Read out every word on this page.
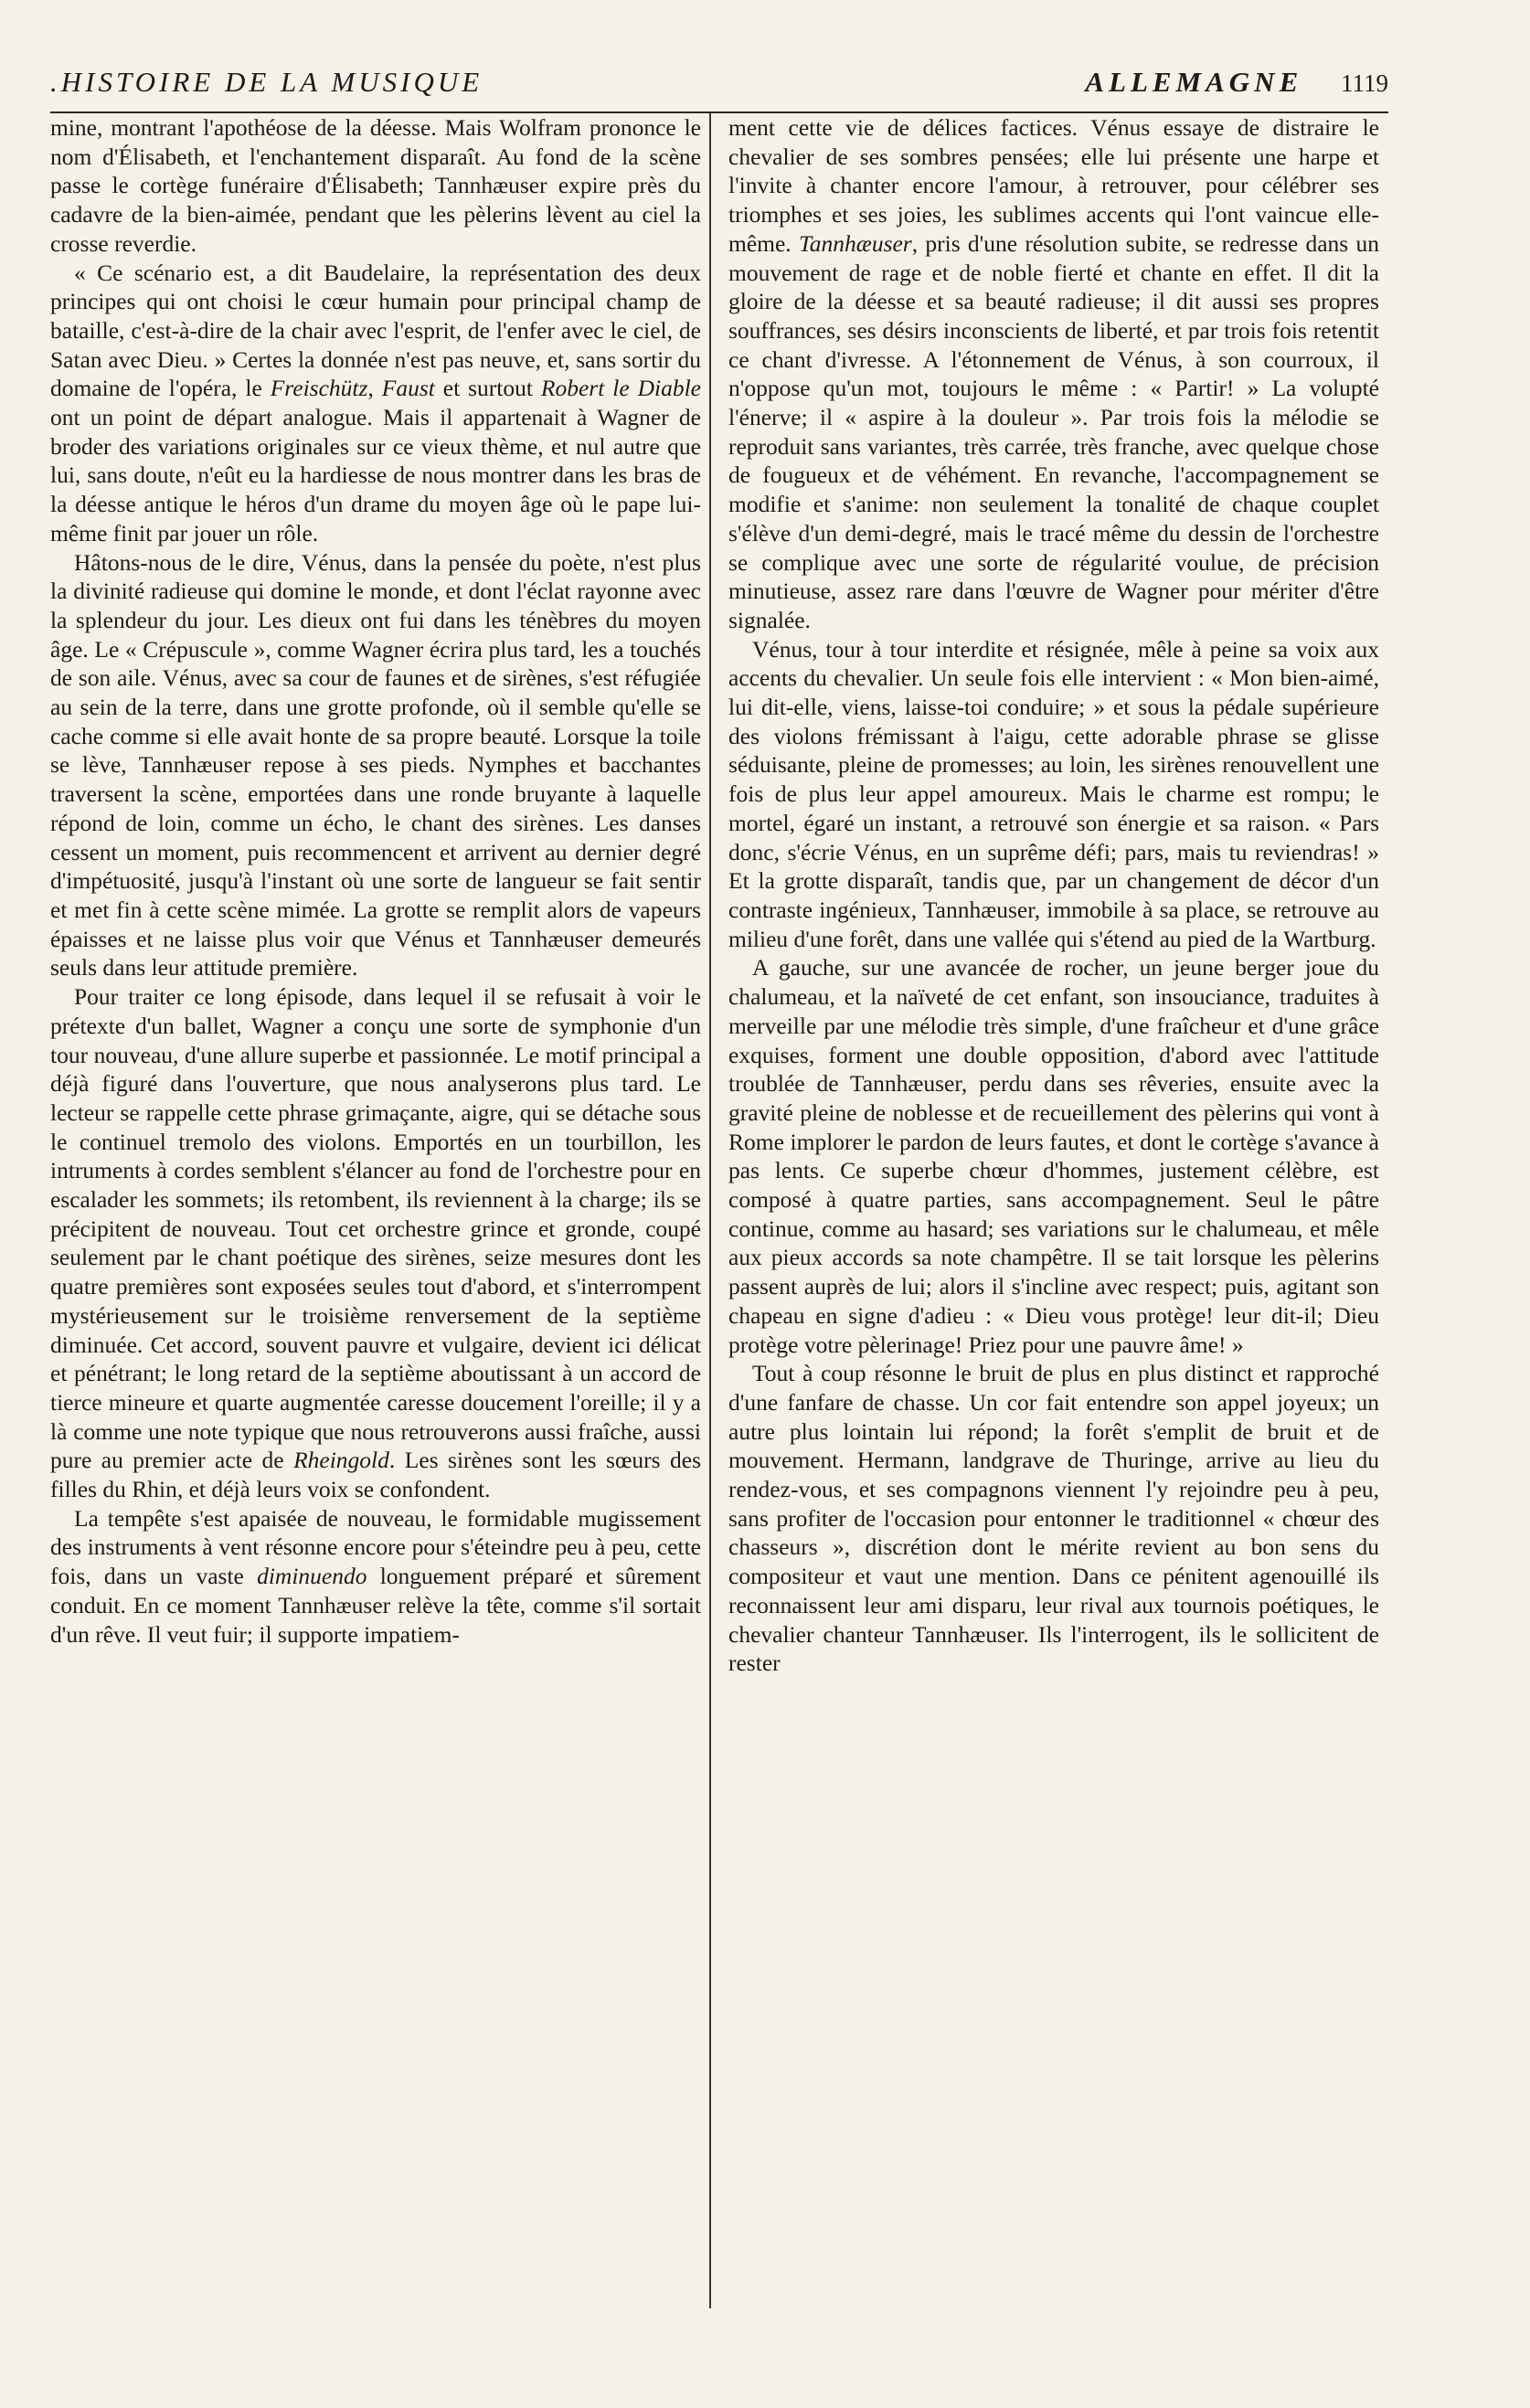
.HISTOIRE DE LA MUSIQUE	ALLEMAGNE 1119

mine, montrant l'apothéose de la déesse. Mais Wolfram prononce le nom d'Élisabeth, et l'enchantement disparaît. Au fond de la scène passe le cortège funéraire d'Élisabeth; Tannhæuser expire près du cadavre de la bien-aimée, pendant que les pèlerins lèvent au ciel la crosse reverdie.

« Ce scénario est, a dit Baudelaire, la représentation des deux principes qui ont choisi le cœur humain pour principal champ de bataille, c'est-à-dire de la chair avec l'esprit, de l'enfer avec le ciel, de Satan avec Dieu. » Certes la donnée n'est pas neuve, et, sans sortir du domaine de l'opéra, le Freischütz, Faust et surtout Robert le Diable ont un point de départ analogue. Mais il appartenait à Wagner de broder des variations originales sur ce vieux thème, et nul autre que lui, sans doute, n'eût eu la hardiesse de nous montrer dans les bras de la déesse antique le héros d'un drame du moyen âge où le pape lui-même finit par jouer un rôle.

Hâtons-nous de le dire, Vénus, dans la pensée du poète, n'est plus la divinité radieuse qui domine le monde, et dont l'éclat rayonne avec la splendeur du jour. Les dieux ont fui dans les ténèbres du moyen âge. Le « Crépuscule », comme Wagner écrira plus tard, les a touchés de son aile. Vénus, avec sa cour de faunes et de sirènes, s'est réfugiée au sein de la terre, dans une grotte profonde, où il semble qu'elle se cache comme si elle avait honte de sa propre beauté. Lorsque la toile se lève, Tannhæuser repose à ses pieds. Nymphes et bacchantes traversent la scène, emportées dans une ronde bruyante à laquelle répond de loin, comme un écho, le chant des sirènes. Les danses cessent un moment, puis recommencent et arrivent au dernier degré d'impétuosité, jusqu'à l'instant où une sorte de langueur se fait sentir et met fin à cette scène mimée. La grotte se remplit alors de vapeurs épaisses et ne laisse plus voir que Vénus et Tannhæuser demeurés seuls dans leur attitude première.

Pour traiter ce long épisode, dans lequel il se refusait à voir le prétexte d'un ballet, Wagner a conçu une sorte de symphonie d'un tour nouveau, d'une allure superbe et passionnée. Le motif principal a déjà figuré dans l'ouverture, que nous analyserons plus tard. Le lecteur se rappelle cette phrase grimaçante, aigre, qui se détache sous le continuel tremolo des violons. Emportés en un tourbillon, les intruments à cordes semblent s'élancer au fond de l'orchestre pour en escalader les sommets; ils retombent, ils reviennent à la charge; ils se précipitent de nouveau. Tout cet orchestre grince et gronde, coupé seulement par le chant poétique des sirènes, seize mesures dont les quatre premières sont exposées seules tout d'abord, et s'interrompent mystérieusement sur le troisième renversement de la septième diminuée. Cet accord, souvent pauvre et vulgaire, devient ici délicat et pénétrant; le long retard de la septième aboutissant à un accord de tierce mineure et quarte augmentée caresse doucement l'oreille; il y a là comme une note typique que nous retrouverons aussi fraîche, aussi pure au premier acte de Rheingold. Les sirènes sont les sœurs des filles du Rhin, et déjà leurs voix se confondent.

La tempête s'est apaisée de nouveau, le formidable mugissement des instruments à vent résonne encore pour s'éteindre peu à peu, cette fois, dans un vaste diminuendo longuement préparé et sûrement conduit. En ce moment Tannhæuser relève la tête, comme s'il sortait d'un rêve. Il veut fuir; il supporte impatiem-

ment cette vie de délices factices. Vénus essaye de distraire le chevalier de ses sombres pensées; elle lui présente une harpe et l'invite à chanter encore l'amour, à retrouver, pour célébrer ses triomphes et ses joies, les sublimes accents qui l'ont vaincue elle-même. Tannhæuser, pris d'une résolution subite, se redresse dans un mouvement de rage et de noble fierté et chante en effet. Il dit la gloire de la déesse et sa beauté radieuse; il dit aussi ses propres souffrances, ses désirs inconscients de liberté, et par trois fois retentit ce chant d'ivresse. A l'étonnement de Vénus, à son courroux, il n'oppose qu'un mot, toujours le même : « Partir! » La volupté l'énerve; il « aspire à la douleur ». Par trois fois la mélodie se reproduit sans variantes, très carrée, très franche, avec quelque chose de fougueux et de véhément. En revanche, l'accompagnement se modifie et s'anime: non seulement la tonalité de chaque couplet s'élève d'un demi-degré, mais le tracé même du dessin de l'orchestre se complique avec une sorte de régularité voulue, de précision minutieuse, assez rare dans l'œuvre de Wagner pour mériter d'être signalée.

Vénus, tour à tour interdite et résignée, mêle à peine sa voix aux accents du chevalier. Un seule fois elle intervient : « Mon bien-aimé, lui dit-elle, viens, laisse-toi conduire; » et sous la pédale supérieure des violons frémissant à l'aigu, cette adorable phrase se glisse séduisante, pleine de promesses; au loin, les sirènes renouvellent une fois de plus leur appel amoureux. Mais le charme est rompu; le mortel, égaré un instant, a retrouvé son énergie et sa raison. « Pars donc, s'écrie Vénus, en un suprême défi; pars, mais tu reviendras! » Et la grotte disparaît, tandis que, par un changement de décor d'un contraste ingénieux, Tannhæuser, immobile à sa place, se retrouve au milieu d'une forêt, dans une vallée qui s'étend au pied de la Wartburg.

A gauche, sur une avancée de rocher, un jeune berger joue du chalumeau, et la naïveté de cet enfant, son insouciance, traduites à merveille par une mélodie très simple, d'une fraîcheur et d'une grâce exquises, forment une double opposition, d'abord avec l'attitude troublée de Tannhæuser, perdu dans ses rêveries, ensuite avec la gravité pleine de noblesse et de recueillement des pèlerins qui vont à Rome implorer le pardon de leurs fautes, et dont le cortège s'avance à pas lents. Ce superbe chœur d'hommes, justement célèbre, est composé à quatre parties, sans accompagnement. Seul le pâtre continue, comme au hasard; ses variations sur le chalumeau, et mêle aux pieux accords sa note champêtre. Il se tait lorsque les pèlerins passent auprès de lui; alors il s'incline avec respect; puis, agitant son chapeau en signe d'adieu : « Dieu vous protège! leur dit-il; Dieu protège votre pèlerinage! Priez pour une pauvre âme! »

Tout à coup résonne le bruit de plus en plus distinct et rapproché d'une fanfare de chasse. Un cor fait entendre son appel joyeux; un autre plus lointain lui répond; la forêt s'emplit de bruit et de mouvement. Hermann, landgrave de Thuringe, arrive au lieu du rendez-vous, et ses compagnons viennent l'y rejoindre peu à peu, sans profiter de l'occasion pour entonner le traditionnel « chœur des chasseurs », discrétion dont le mérite revient au bon sens du compositeur et vaut une mention. Dans ce pénitent agenouillé ils reconnaissent leur ami disparu, leur rival aux tournois poétiques, le chevalier chanteur Tannhæuser. Ils l'interrogent, ils le sollicitent de rester
